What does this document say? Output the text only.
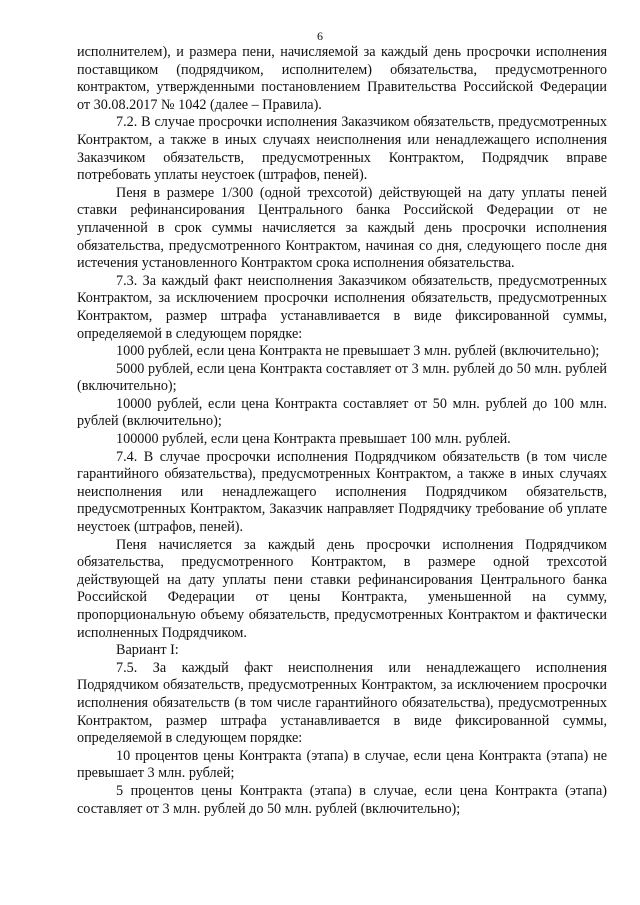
6

исполнителем), и размера пени, начисляемой за каждый день просрочки исполнения поставщиком (подрядчиком, исполнителем) обязательства, предусмотренного контрактом, утвержденными постановлением Правительства Российской Федерации от 30.08.2017 № 1042 (далее – Правила).

7.2. В случае просрочки исполнения Заказчиком обязательств, предусмотренных Контрактом, а также в иных случаях неисполнения или ненадлежащего исполнения Заказчиком обязательств, предусмотренных Контрактом, Подрядчик вправе потребовать уплаты неустоек (штрафов, пеней).

Пеня в размере 1/300 (одной трехсотой) действующей на дату уплаты пеней ставки рефинансирования Центрального банка Российской Федерации от не уплаченной в срок суммы начисляется за каждый день просрочки исполнения обязательства, предусмотренного Контрактом, начиная со дня, следующего после дня истечения установленного Контрактом срока исполнения обязательства.

7.3. За каждый факт неисполнения Заказчиком обязательств, предусмотренных Контрактом, за исключением просрочки исполнения обязательств, предусмотренных Контрактом, размер штрафа устанавливается в виде фиксированной суммы, определяемой в следующем порядке:

1000 рублей, если цена Контракта не превышает 3 млн. рублей (включительно);

5000 рублей, если цена Контракта составляет от 3 млн. рублей до 50 млн. рублей (включительно);

10000 рублей, если цена Контракта составляет от 50 млн. рублей до 100 млн. рублей (включительно);

100000 рублей, если цена Контракта превышает 100 млн. рублей.

7.4. В случае просрочки исполнения Подрядчиком обязательств (в том числе гарантийного обязательства), предусмотренных Контрактом, а также в иных случаях неисполнения или ненадлежащего исполнения Подрядчиком обязательств, предусмотренных Контрактом, Заказчик направляет Подрядчику требование об уплате неустоек (штрафов, пеней).

Пеня начисляется за каждый день просрочки исполнения Подрядчиком обязательства, предусмотренного Контрактом, в размере одной трехсотой действующей на дату уплаты пени ставки рефинансирования Центрального банка Российской Федерации от цены Контракта, уменьшенной на сумму, пропорциональную объему обязательств, предусмотренных Контрактом и фактически исполненных Подрядчиком.

Вариант I:

7.5. За каждый факт неисполнения или ненадлежащего исполнения Подрядчиком обязательств, предусмотренных Контрактом, за исключением просрочки исполнения обязательств (в том числе гарантийного обязательства), предусмотренных Контрактом, размер штрафа устанавливается в виде фиксированной суммы, определяемой в следующем порядке:

10 процентов цены Контракта (этапа) в случае, если цена Контракта (этапа) не превышает 3 млн. рублей;

5 процентов цены Контракта (этапа) в случае, если цена Контракта (этапа) составляет от 3 млн. рублей до 50 млн. рублей (включительно);
